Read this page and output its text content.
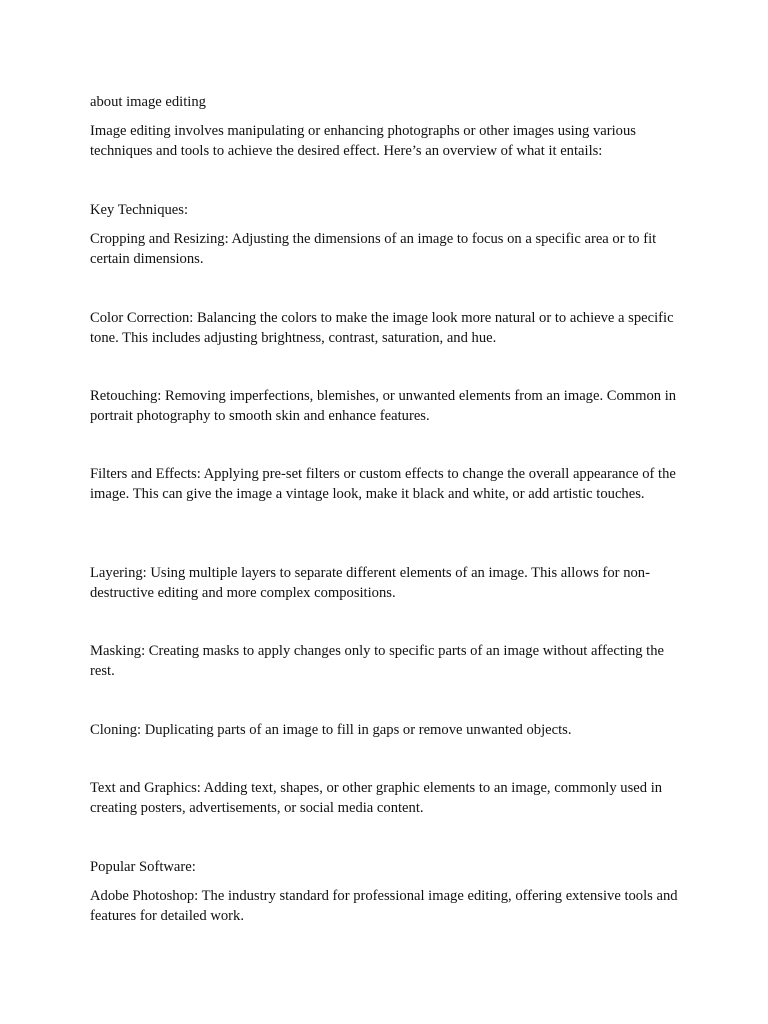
about image editing

Image editing involves manipulating or enhancing photographs or other images using various techniques and tools to achieve the desired effect. Here’s an overview of what it entails:

Key Techniques:

Cropping and Resizing: Adjusting the dimensions of an image to focus on a specific area or to fit certain dimensions.

Color Correction: Balancing the colors to make the image look more natural or to achieve a specific tone. This includes adjusting brightness, contrast, saturation, and hue.

Retouching: Removing imperfections, blemishes, or unwanted elements from an image. Common in portrait photography to smooth skin and enhance features.

Filters and Effects: Applying pre-set filters or custom effects to change the overall appearance of the image. This can give the image a vintage look, make it black and white, or add artistic touches.

Layering: Using multiple layers to separate different elements of an image. This allows for non-destructive editing and more complex compositions.

Masking: Creating masks to apply changes only to specific parts of an image without affecting the rest.

Cloning: Duplicating parts of an image to fill in gaps or remove unwanted objects.

Text and Graphics: Adding text, shapes, or other graphic elements to an image, commonly used in creating posters, advertisements, or social media content.

Popular Software:

Adobe Photoshop: The industry standard for professional image editing, offering extensive tools and features for detailed work.
